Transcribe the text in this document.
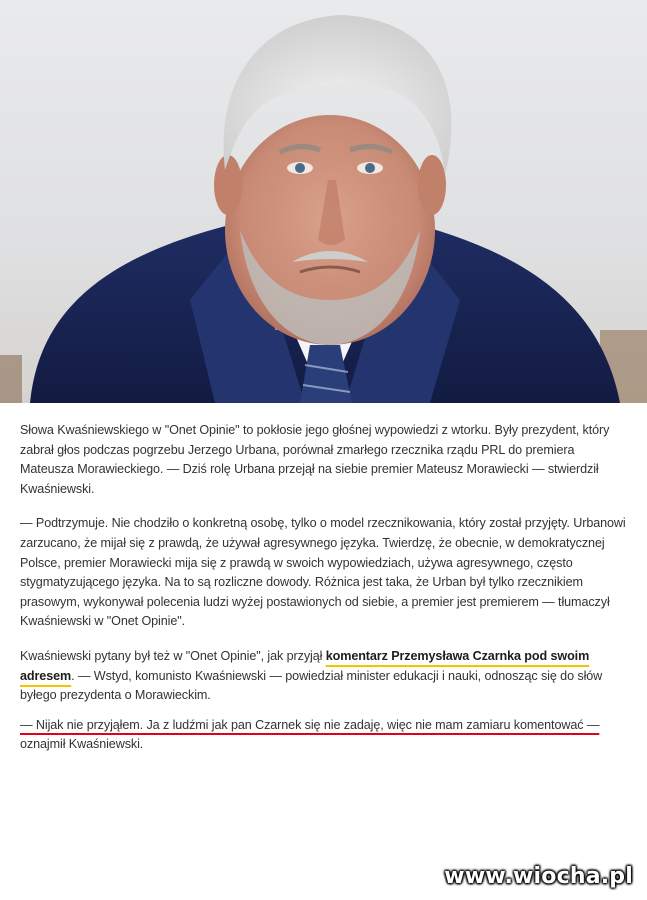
Słowa Kwaśniewskiego w "Onet Opinie" to pokłosie jego głośnej wypowiedzi z wtorku. Były prezydent, który zabrał głos podczas pogrzebu Jerzego Urbana, porównał zmarłego rzecznika rządu PRL do premiera Mateusza Morawieckiego. — Dziś rolę Urbana przejął na siebie premier Mateusz Morawiecki — stwierdził Kwaśniewski.

— Podtrzymuje. Nie chodziło o konkretną osobę, tylko o model rzecznikowania, który został przyjęty. Urbanowi zarzucano, że mijał się z prawdą, że używał agresywnego języka. Twierdzę, że obecnie, w demokratycznej Polsce, premier Morawiecki mija się z prawdą w swoich wypowiedziach, używa agresywnego, często stygmatyzującego języka. Na to są rozliczne dowody. Różnica jest taka, że Urban był tylko rzecznikiem prasowym, wykonywał polecenia ludzi wyżej postawionych od siebie, a premier jest premierem — tłumaczył Kwaśniewski w "Onet Opinie".

Kwaśniewski pytany był też w "Onet Opinie", jak przyjął komentarz Przemysława Czarnka pod swoim adresem. — Wstyd, komunisto Kwaśniewski — powiedział minister edukacji i nauki, odnosząc się do słów byłego prezydenta o Morawieckim.

— Nijak nie przyjąłem. Ja z ludźmi jak pan Czarnek się nie zadaję, więc nie mam zamiaru komentować — oznajmił Kwaśniewski.

www.wiocha.pl
